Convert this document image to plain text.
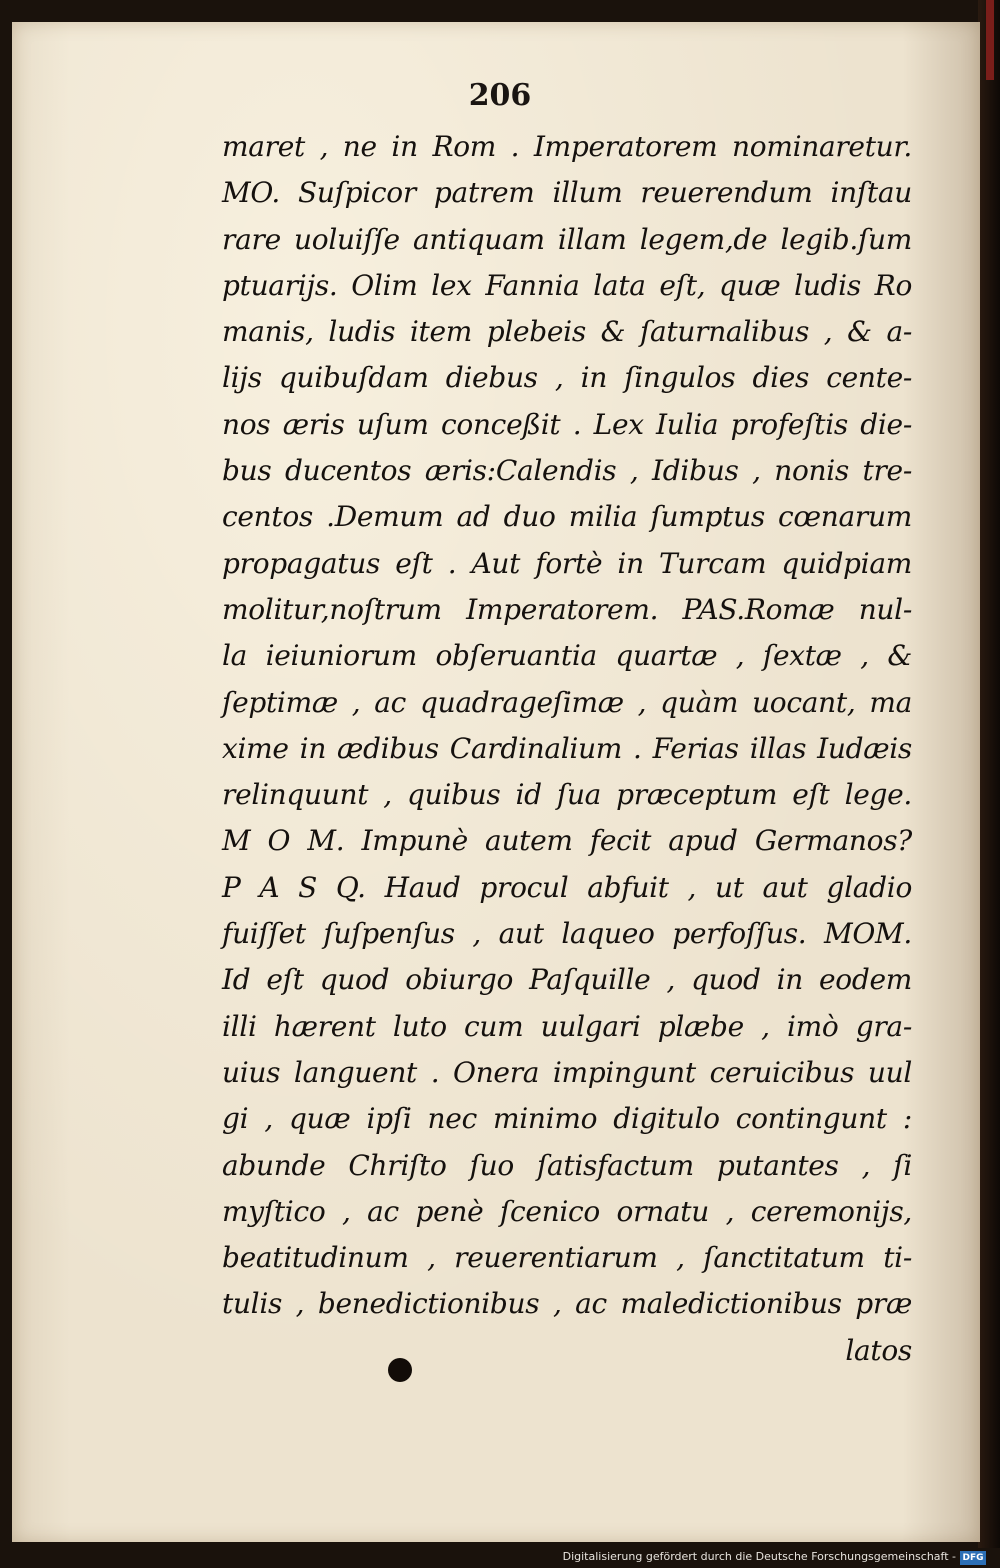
206
maret , ne in Rom . Imperatorem nominaretur.
MO. Suſpicor patrem illum reuerendum inſtau
rare uoluiſſe antiquam illam legem,de legib.ſum
ptuarijs. Olim lex Fannia lata eſt, quæ ludis Ro
manis, ludis item plebeis & ſaturnalibus , & a-
lijs quibuſdam diebus , in ſingulos dies cente-
nos æris uſum conceßit . Lex Iulia profeſtis die-
bus ducentos æris:Calendis , Idibus , nonis tre-
centos .Demum ad duo milia ſumptus cœnarum
propagatus eſt . Aut fortè in Turcam quidpiam
molitur,noſtrum Imperatorem. PAS.Romæ nul-
la ieiuniorum obſeruantia quartæ , ſextæ , &
ſeptimæ , ac quadrageſimæ , quàm uocant, ma
xime in ædibus Cardinalium . Ferias illas Iudæis
relinquunt , quibus id ſua præceptum eſt lege.
M O M. Impunè autem fecit apud Germanos?
P A S Q. Haud procul abfuit , ut aut gladio
fuiſſet ſuſpenſus , aut laqueo perfoſſus. MOM.
Id eſt quod obiurgo Paſquille , quod in eodem
illi hærent luto cum uulgari plæbe , imò gra-
uius languent . Onera impingunt ceruicibus uul
gi , quæ ipſi nec minimo digitulo contingunt :
abunde Chriſto ſuo ſatisfactum putantes , ſi
myſtico , ac penè ſcenico ornatu , ceremonijs,
beatitudinum , reuerentiarum , ſanctitatum ti-
tulis , benedictionibus , ac maledictionibus præ
latos
Digitalisierung gefördert durch die Deutsche Forschungsgemeinschaft - DFG
